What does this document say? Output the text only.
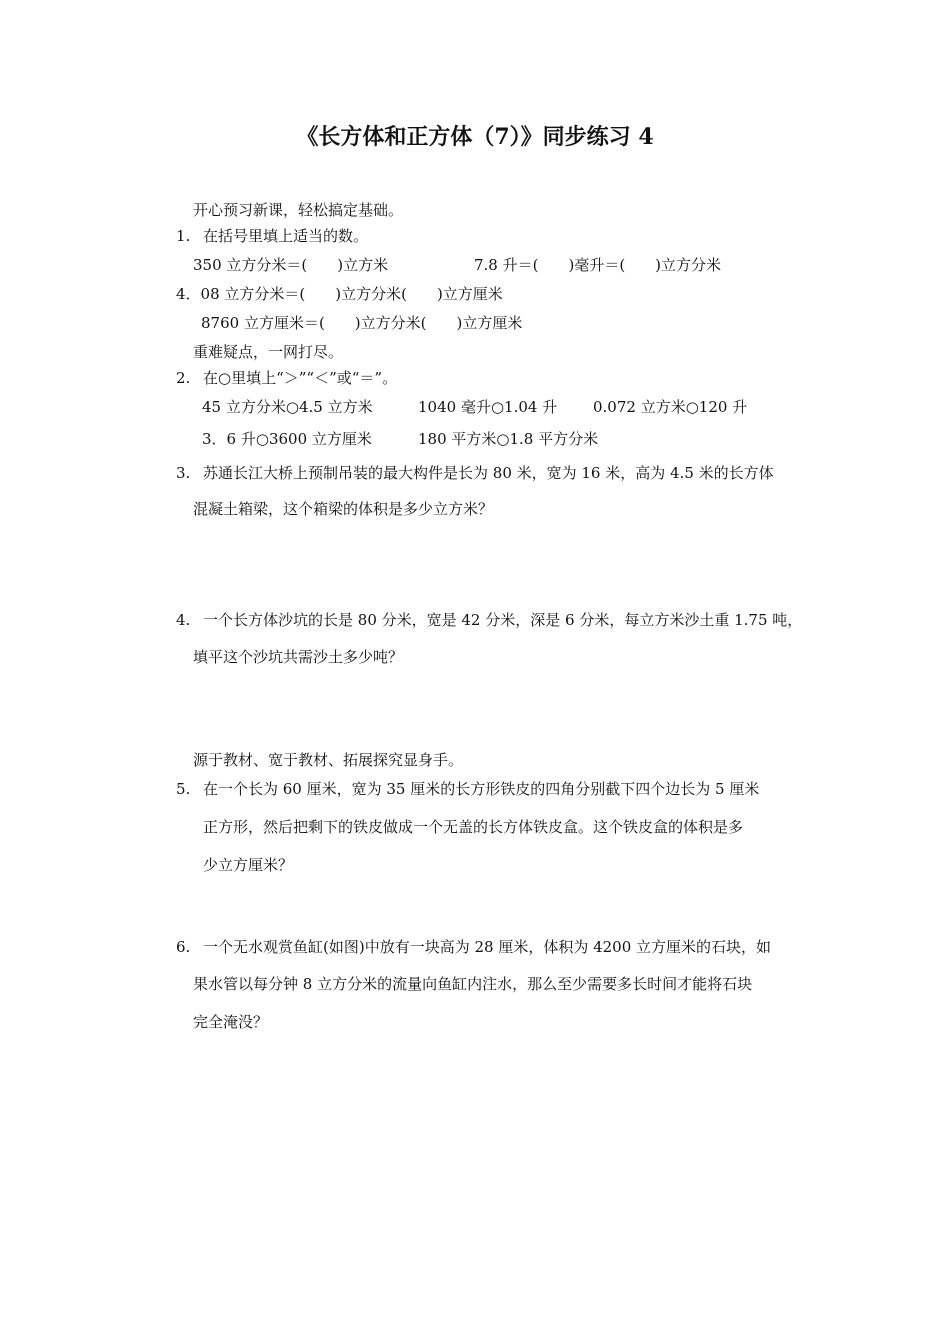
《长方体和正方体（7）》同步练习 4
开心预习新课，轻松搞定基础。
1. 在括号里填上适当的数。
350 立方分米＝(　　)立方米	7.8 升＝(　　)毫升＝(　　)立方分米
4．08 立方分米＝(　　)立方分米(　　)立方厘米
8760 立方厘米＝(　　)立方分米(　　)立方厘米
重难疑点，一网打尽。
2. 在○里填上“＞”“＜”或“＝”。
45 立方分米○4.5 立方米	1040 毫升○1.04 升 0.072 立方米○120 升
3．6 升○3600 立方厘米	180 平方米○1.8 平方分米
3. 苏通长江大桥上预制吊装的最大构件是长为 80 米，宽为 16 米，高为 4.5 米的长方体
混凝土箱梁，这个箱梁的体积是多少立方米？
4. 一个长方体沙坑的长是 80 分米，宽是 42 分米，深是 6 分米，每立方米沙土重 1.75 吨，
填平这个沙坑共需沙土多少吨？
源于教材、宽于教材、拓展探究显身手。
5. 在一个长为 60 厘米，宽为 35 厘米的长方形铁皮的四角分别截下四个边长为 5 厘米
正方形，然后把剩下的铁皮做成一个无盖的长方体铁皮盒。这个铁皮盒的体积是多
少立方厘米？
6. 一个无水观赏鱼缸(如图)中放有一块高为 28 厘米，体积为 4200 立方厘米的石块，如
果水管以每分钟 8 立方分米的流量向鱼缸内注水，那么至少需要多长时间才能将石块
完全淹没？
